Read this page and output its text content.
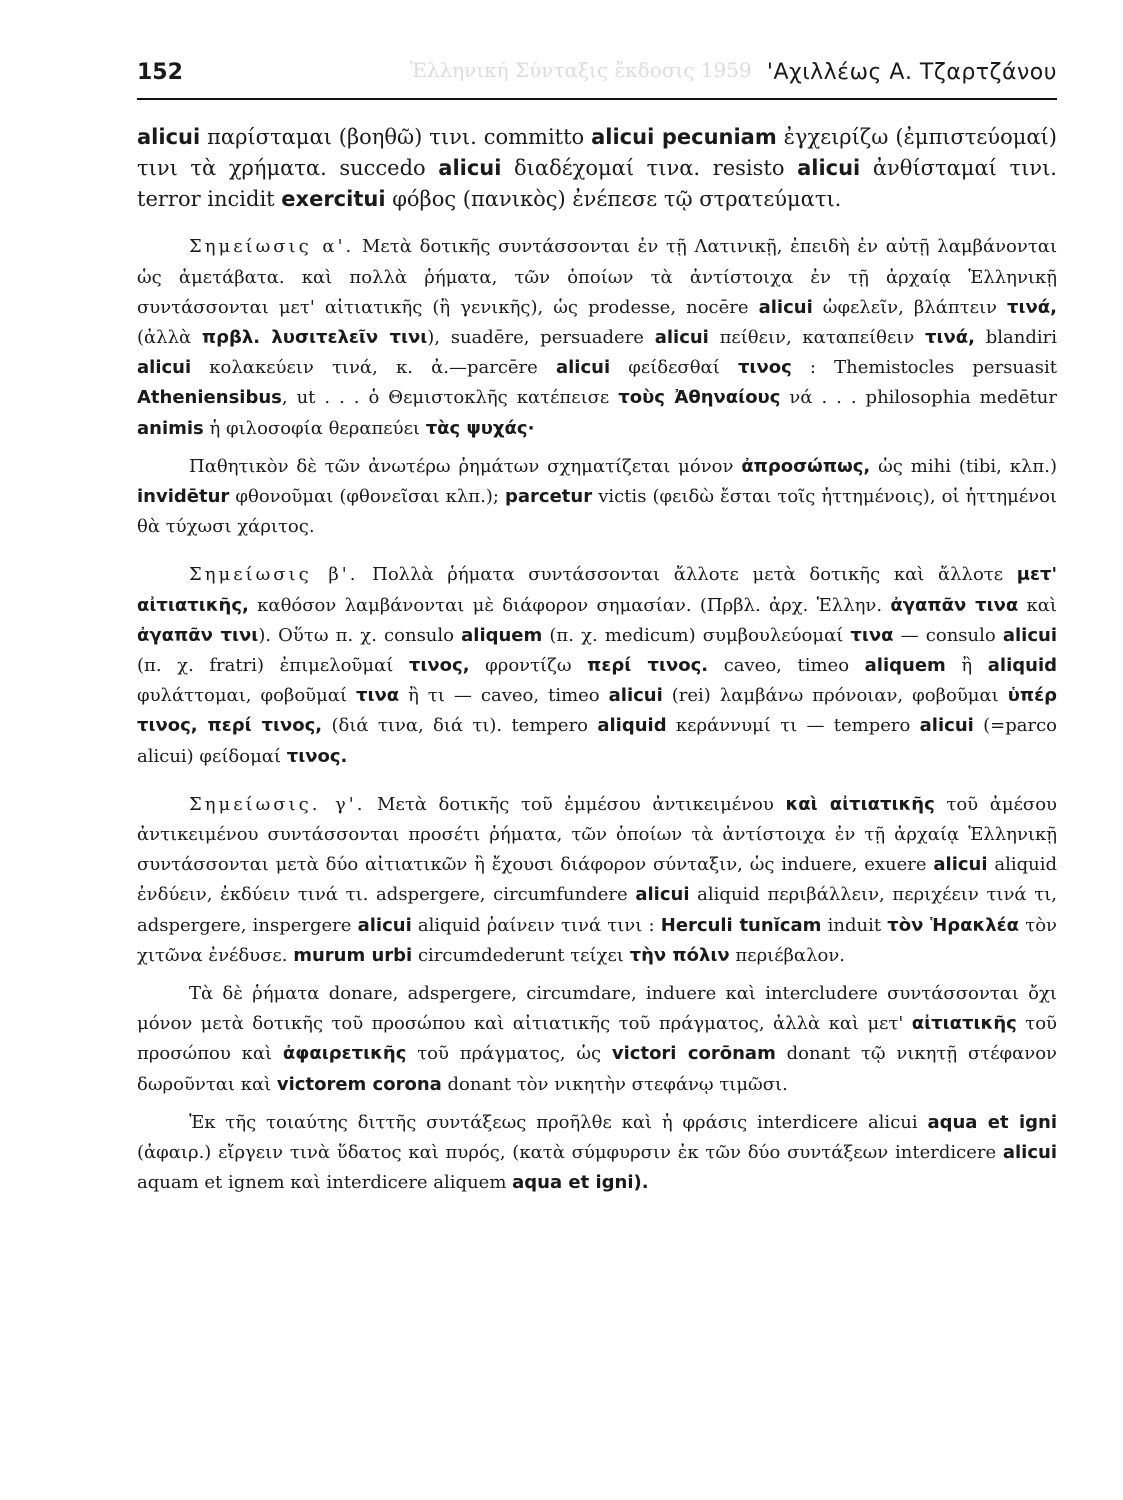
Ἑλληνική Σύνταξις ἔκδοσις 1959
152	'Αχιλλέως Α. Τζαρτζάνου

alicui παρίσταμαι (βοηθῶ) τινι. committo alicui pecuniam ἐγχειρίζω (ἐμπιστεύομαί) τινι τὰ χρήματα. succedo alicui διαδέχομαί τινα. resisto alicui ἀνθίσταμαί τινι. terror incidit exercitui φόβος (πανικὸς) ἐνέπεσε τῷ στρατεύματι.

Σημείωσις α'. Μετὰ δοτικῆς συντάσσονται ἐν τῇ Λατινικῇ, ἐπειδὴ ἐν αὐτῇ λαμβάνονται ὡς ἀμετάβατα. καὶ πολλὰ ῥήματα, τῶν ὁποίων τὰ ἀντίστοιχα ἐν τῇ ἀρχαίᾳ Ἑλληνικῇ συντάσσονται μετ' αἰτιατικῆς (ἢ γενικῆς), ὡς prodesse, nocēre alicui ὠφελεῖν, βλάπτειν τινά, (ἀλλὰ πρβλ. λυσιτελεῖν τινι), suadēre, persuadere alicui πείθειν, καταπείθειν τινά, blandiri alicui κολακεύειν τινά, κ. ἀ.—parcēre alicui φείδεσθαί τινος : Themistocles persuasit Atheniensibus, ut . . . ὁ Θεμιστοκλῆς κατέπεισε τοὺς Ἀθηναίους νά . . . philosophia medētur animis ἡ φιλοσοφία θεραπεύει τὰς ψυχάς·

Παθητικὸν δὲ τῶν ἀνωτέρω ῥημάτων σχηματίζεται μόνον ἀπροσώπως, ὡς mihi (tibi, κλπ.) invidētur φθονοῦμαι (φθονεῖσαι κλπ.); parcetur victis (φειδὼ ἔσται τοῖς ἡττημένοις), οἱ ἡττημένοι θὰ τύχωσι χάριτος.

Σημείωσις β'. Πολλὰ ῥήματα συντάσσονται ἄλλοτε μετὰ δοτικῆς καὶ ἄλλοτε μετ' αἰτιατικῆς, καθόσον λαμβάνονται μὲ διάφορον σημασίαν. (Πρβλ. ἀρχ. Ἑλλην. ἀγαπᾶν τινα καὶ ἀγαπᾶν τινι). Οὕτω π. χ. consulo aliquem (π. χ. medicum) συμβουλεύομαί τινα — consulo alicui (π. χ. fratri) ἐπιμελοῦμαί τινος, φροντίζω περί τινος. caveo, timeo aliquem ἢ aliquid φυλάττομαι, φοβοῦμαί τινα ἢ τι — caveo, timeo alicui (rei) λαμβάνω πρόνοιαν, φοβοῦμαι ὑπέρ τινος, περί τινος, (διά τινα, διά τι). tempero aliquid κεράννυμί τι — tempero alicui (=parco alicui) φείδομαί τινος.

Σημείωσις. γ'. Μετὰ δοτικῆς τοῦ ἐμμέσου ἀντικειμένου καὶ αἰτιατικῆς τοῦ ἀμέσου ἀντικειμένου συντάσσονται προσέτι ῥήματα, τῶν ὁποίων τὰ ἀντίστοιχα ἐν τῇ ἀρχαίᾳ Ἑλληνικῇ συντάσσονται μετὰ δύο αἰτιατικῶν ἢ ἔχουσι διάφορον σύνταξιν, ὡς induere, exuere alicui aliquid ἐνδύειν, ἐκδύειν τινά τι. adspergere, circumfundere alicui aliquid περιβάλλειν, περιχέειν τινά τι, adspergere, inspergere alicui aliquid ῥαίνειν τινά τινι : Herculi tunĭcam induit τὸν Ἡρακλέα τὸν χιτῶνα ἐνέδυσε. murum urbi circumdederunt τείχει τὴν πόλιν περιέβαλον.

Τὰ δὲ ῥήματα donare, adspergere, circumdare, induere καὶ intercludere συντάσσονται ὄχι μόνον μετὰ δοτικῆς τοῦ προσώπου καὶ αἰτιατικῆς τοῦ πράγματος, ἀλλὰ καὶ μετ' αἰτιατικῆς τοῦ προσώπου καὶ ἀφαιρετικῆς τοῦ πράγματος, ὡς victori corōnam donant τῷ νικητῇ στέφανον δωροῦνται καὶ victorem corona donant τὸν νικητὴν στεφάνῳ τιμῶσι.

Ἐκ τῆς τοιαύτης διττῆς συντάξεως προῆλθε καὶ ἡ φράσις interdicere alicui aqua et igni (ἀφαιρ.) εἴργειν τινὰ ὕδατος καὶ πυρός, (κατὰ σύμφυρσιν ἐκ τῶν δύο συντάξεων interdicere alicui aquam et ignem καὶ interdicere aliquem aqua et igni).
